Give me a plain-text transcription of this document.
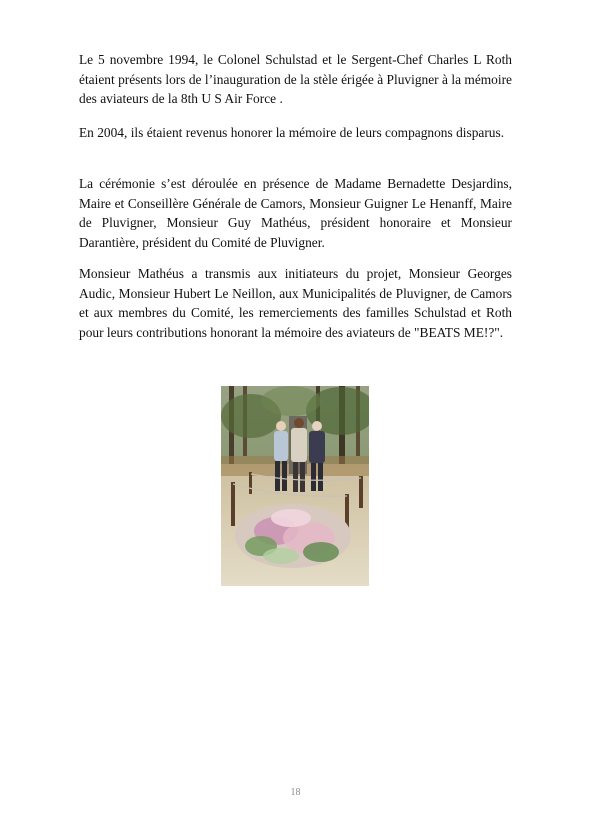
Le 5 novembre 1994, le Colonel Schulstad et le Sergent-Chef Charles L Roth étaient présents lors de l’inauguration de la stèle érigée à Pluvigner à la mémoire des aviateurs de la 8th U S Air Force .

En 2004, ils étaient revenus honorer la mémoire de leurs compagnons disparus.

La cérémonie s’est déroulée en présence de Madame Bernadette Desjardins, Maire et Conseillère Générale de Camors, Monsieur Guigner Le Henanff, Maire de Pluvigner, Monsieur Guy Mathéus, président honoraire et Monsieur Darantière, président du Comité de Pluvigner.

Monsieur Mathéus a transmis aux initiateurs du projet, Monsieur Georges Audic, Monsieur Hubert Le Neillon, aux Municipalités de Pluvigner, de Camors et aux membres du Comité, les remerciements des familles Schulstad et Roth pour leurs contributions honorant la mémoire des aviateurs de "BEATS ME!?".

18
